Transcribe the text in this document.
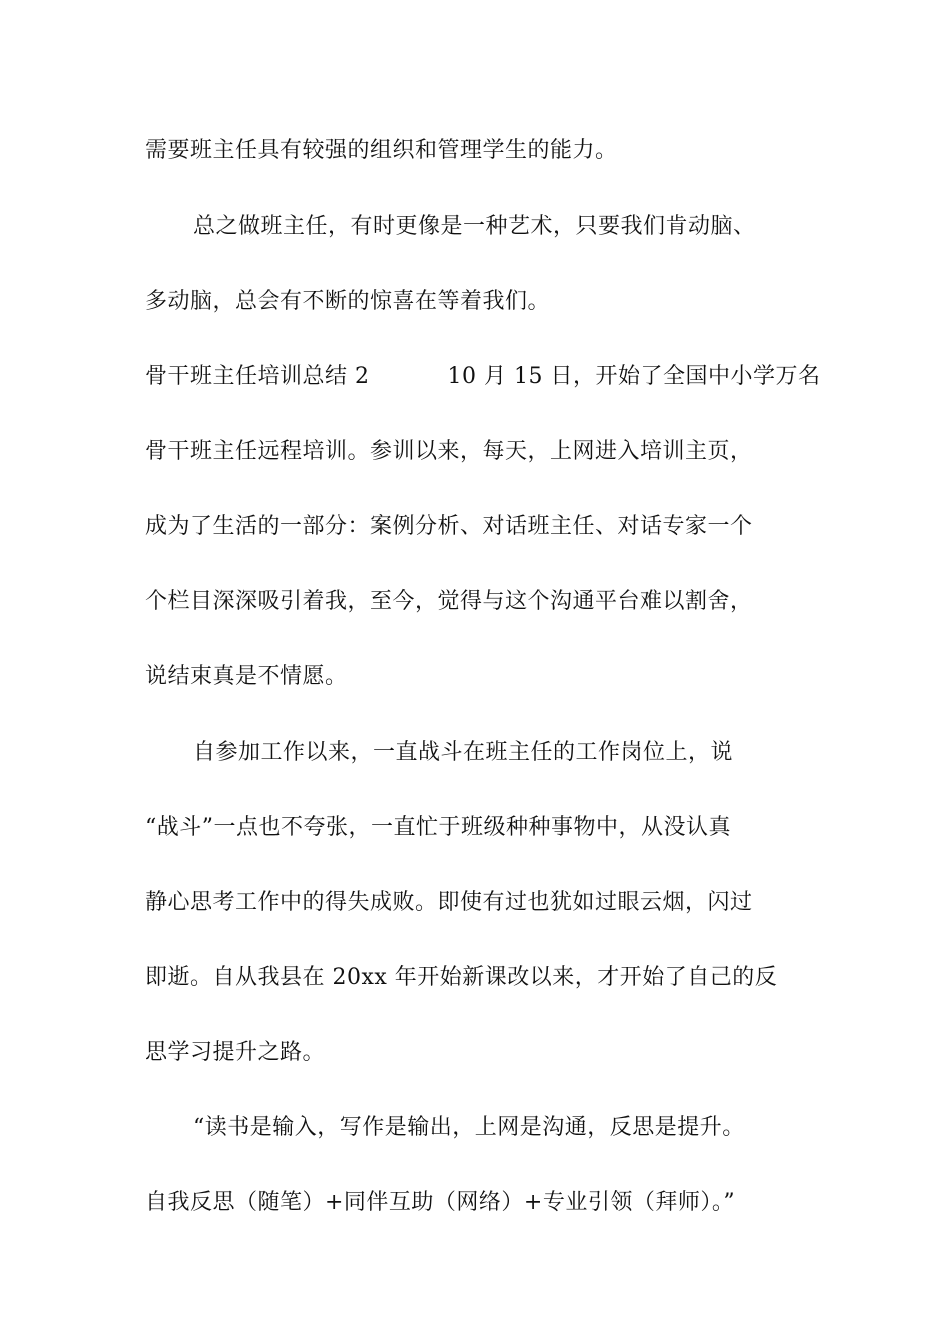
需要班主任具有较强的组织和管理学生的能力。
总之做班主任，有时更像是一种艺术，只要我们肯动脑、
多动脑，总会有不断的惊喜在等着我们。
骨干班主任培训总结 2	10 月 15 日，开始了全国中小学万名
骨干班主任远程培训。参训以来，每天，上网进入培训主页，
成为了生活的一部分：案例分析、对话班主任、对话专家一个
个栏目深深吸引着我，至今，觉得与这个沟通平台难以割舍，
说结束真是不情愿。
自参加工作以来，一直战斗在班主任的工作岗位上，说
“战斗”一点也不夸张，一直忙于班级种种事物中，从没认真
静心思考工作中的得失成败。即使有过也犹如过眼云烟，闪过
即逝。自从我县在 20xx 年开始新课改以来，才开始了自己的反
思学习提升之路。
“读书是输入，写作是输出，上网是沟通，反思是提升。
自我反思（随笔）+同伴互助（网络）+专业引领（拜师）。”
